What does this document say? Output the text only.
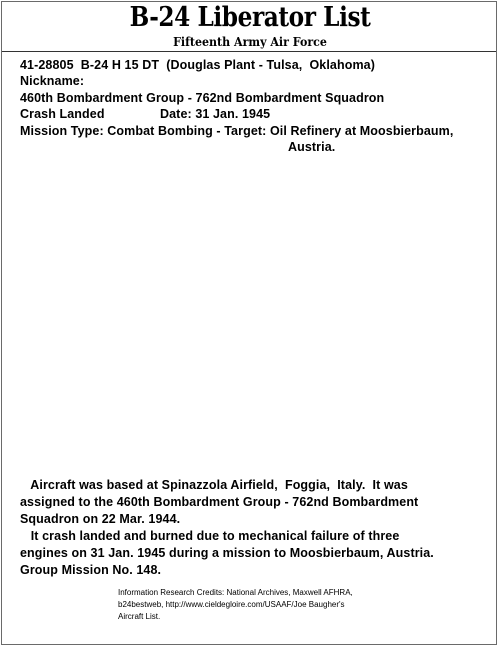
B-24 Liberator List
Fifteenth Army Air Force
41-28805  B-24 H 15 DT  (Douglas Plant - Tulsa,  Oklahoma)
Nickname:
460th Bombardment Group - 762nd Bombardment Squadron
Crash Landed	Date: 31 Jan. 1945
Mission Type: Combat Bombing - Target: Oil Refinery at Moosbierbaum,
Austria.
Aircraft was based at Spinazzola Airfield,  Foggia,  Italy.  It was
assigned to the 460th Bombardment Group - 762nd Bombardment
Squadron on 22 Mar. 1944.
It crash landed and burned due to mechanical failure of three
engines on 31 Jan. 1945 during a mission to Moosbierbaum, Austria.
Group Mission No. 148.
Information Research Credits: National Archives, Maxwell AFHRA,
b24bestweb, http://www.cieldegloire.com/USAAF/Joe Baugher's
Aircraft List.
